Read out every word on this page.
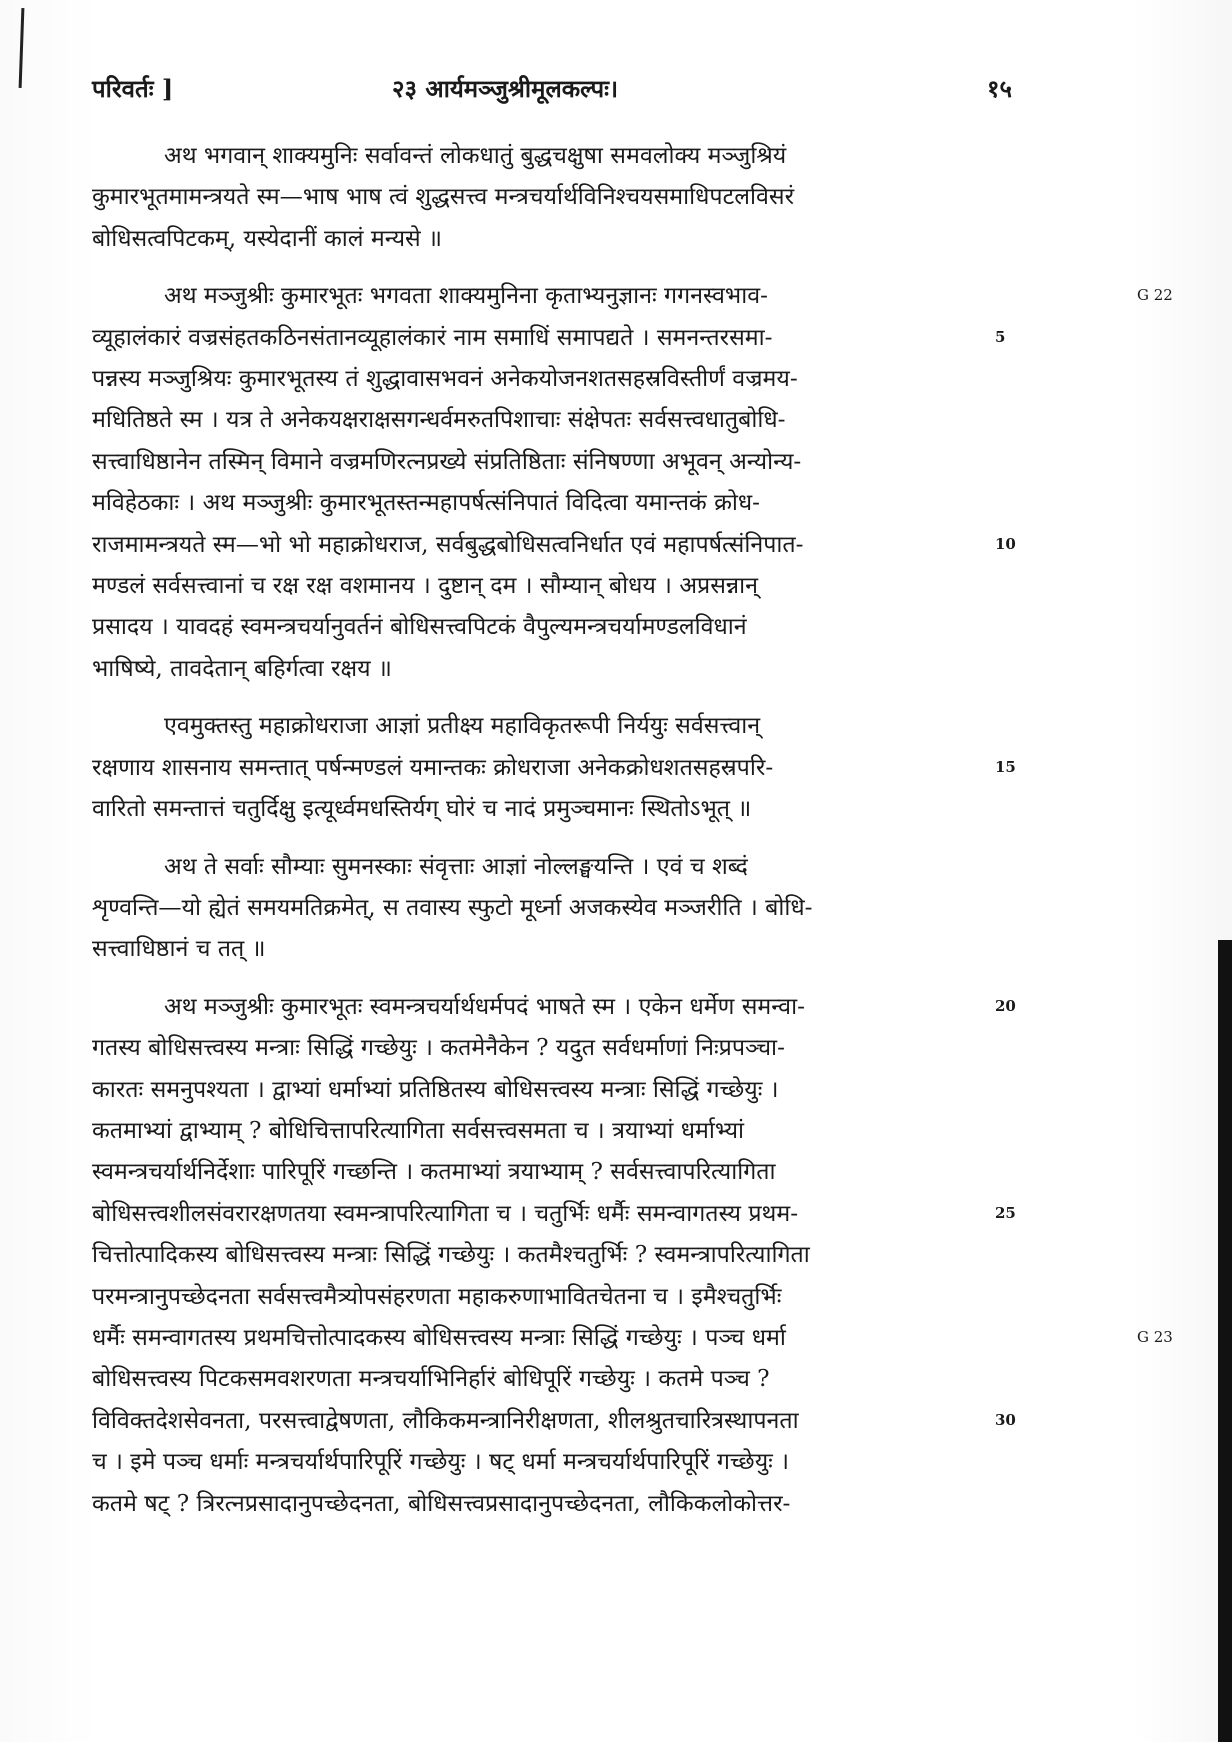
परिवर्तः ]	२३ आर्यमञ्जुश्रीमूलकल्पः।	१५
अथ भगवान् शाक्यमुनिः सर्वावन्तं लोकधातुं बुद्धचक्षुषा समवलोक्य मञ्जुश्रियं
कुमारभूतमामन्त्रयते स्म—भाष भाष त्वं शुद्धसत्त्व मन्त्रचर्यार्थविनिश्चयसमाधिपटलविसरं
बोधिसत्वपिटकम्, यस्येदानीं कालं मन्यसे ॥
अथ मञ्जुश्रीः कुमारभूतः भगवता शाक्यमुनिना कृताभ्यनुज्ञानः गगनस्वभाव-	G 22
व्यूहालंकारं वज्रसंहतकठिनसंतानव्यूहालंकारं नाम समाधिं समापद्यते । समनन्तरसमा-	5
पन्नस्य मञ्जुश्रियः कुमारभूतस्य तं शुद्धावासभवनं अनेकयोजनशतसहस्रविस्तीर्णं वज्रमय-
मधितिष्ठते स्म । यत्र ते अनेकयक्षराक्षसगन्धर्वमरुतपिशाचाः संक्षेपतः सर्वसत्त्वधातुबोधि-
सत्त्वाधिष्ठानेन तस्मिन् विमाने वज्रमणिरत्नप्रख्ये संप्रतिष्ठिताः संनिषण्णा अभूवन् अन्योन्य-
मविहेठकाः । अथ मञ्जुश्रीः कुमारभूतस्तन्महापर्षत्संनिपातं विदित्वा यमान्तकं क्रोध-
राजमामन्त्रयते स्म—भो भो महाक्रोधराज, सर्वबुद्धबोधिसत्वनिर्धात एवं महापर्षत्संनिपात-	10
मण्डलं सर्वसत्त्वानां च रक्ष रक्ष वशमानय । दुष्टान् दम । सौम्यान् बोधय । अप्रसन्नान्
प्रसादय । यावदहं स्वमन्त्रचर्यानुवर्तनं बोधिसत्त्वपिटकं वैपुल्यमन्त्रचर्यामण्डलविधानं
भाषिष्ये, तावदेतान् बहिर्गत्वा रक्षय ॥
एवमुक्तस्तु महाक्रोधराजा आज्ञां प्रतीक्ष्य महाविकृतरूपी निर्ययुः सर्वसत्त्वान्
रक्षणाय शासनाय समन्तात् पर्षन्मण्डलं यमान्तकः क्रोधराजा अनेकक्रोधशतसहस्रपरि-	15
वारितो समन्तात्तं चतुर्दिक्षु इत्यूर्ध्वमधस्तिर्यग् घोरं च नादं प्रमुञ्चमानः स्थितोऽभूत् ॥
अथ ते सर्वाः सौम्याः सुमनस्काः संवृत्ताः आज्ञां नोल्लङ्घयन्ति । एवं च शब्दं
शृण्वन्ति—यो ह्येतं समयमतिक्रमेत्, स तवास्य स्फुटो मूर्ध्ना अजकस्येव मञ्जरीति । बोधि-
सत्त्वाधिष्ठानं च तत् ॥
अथ मञ्जुश्रीः कुमारभूतः स्वमन्त्रचर्यार्थधर्मपदं भाषते स्म । एकेन धर्मेण समन्वा-	20
गतस्य बोधिसत्त्वस्य मन्त्राः सिद्धिं गच्छेयुः । कतमेनैकेन ? यदुत सर्वधर्माणां निःप्रपञ्चा-
कारतः समनुपश्यता । द्वाभ्यां धर्माभ्यां प्रतिष्ठितस्य बोधिसत्त्वस्य मन्त्राः सिद्धिं गच्छेयुः ।
कतमाभ्यां द्वाभ्याम् ? बोधिचित्तापरित्यागिता सर्वसत्त्वसमता च । त्रयाभ्यां धर्माभ्यां
स्वमन्त्रचर्यार्थनिर्देशाः पारिपूरिं गच्छन्ति । कतमाभ्यां त्रयाभ्याम् ? सर्वसत्त्वापरित्यागिता
बोधिसत्त्वशीलसंवरारक्षणतया स्वमन्त्रापरित्यागिता च । चतुर्भिः धर्मैः समन्वागतस्य प्रथम-	25
चित्तोत्पादिकस्य बोधिसत्त्वस्य मन्त्राः सिद्धिं गच्छेयुः । कतमैश्चतुर्भिः ? स्वमन्त्रापरित्यागिता
परमन्त्रानुपच्छेदनता सर्वसत्त्वमैत्र्योपसंहरणता महाकरुणाभावितचेतना च । इमैश्चतुर्भिः
धर्मैः समन्वागतस्य प्रथमचित्तोत्पादकस्य बोधिसत्त्वस्य मन्त्राः सिद्धिं गच्छेयुः । पञ्च धर्मा	G 23
बोधिसत्त्वस्य पिटकसमवशरणता मन्त्रचर्याभिनिर्हारं बोधिपूरिं गच्छेयुः । कतमे पञ्च ?
विविक्तदेशसेवनता, परसत्त्वाद्वेषणता, लौकिकमन्त्रानिरीक्षणता, शीलश्रुतचारित्रस्थापनता	30
च । इमे पञ्च धर्माः मन्त्रचर्यार्थपारिपूरिं गच्छेयुः । षट् धर्मा मन्त्रचर्यार्थपारिपूरिं गच्छेयुः ।
कतमे षट् ? त्रिरत्नप्रसादानुपच्छेदनता, बोधिसत्त्वप्रसादानुपच्छेदनता, लौकिकलोकोत्तर-
